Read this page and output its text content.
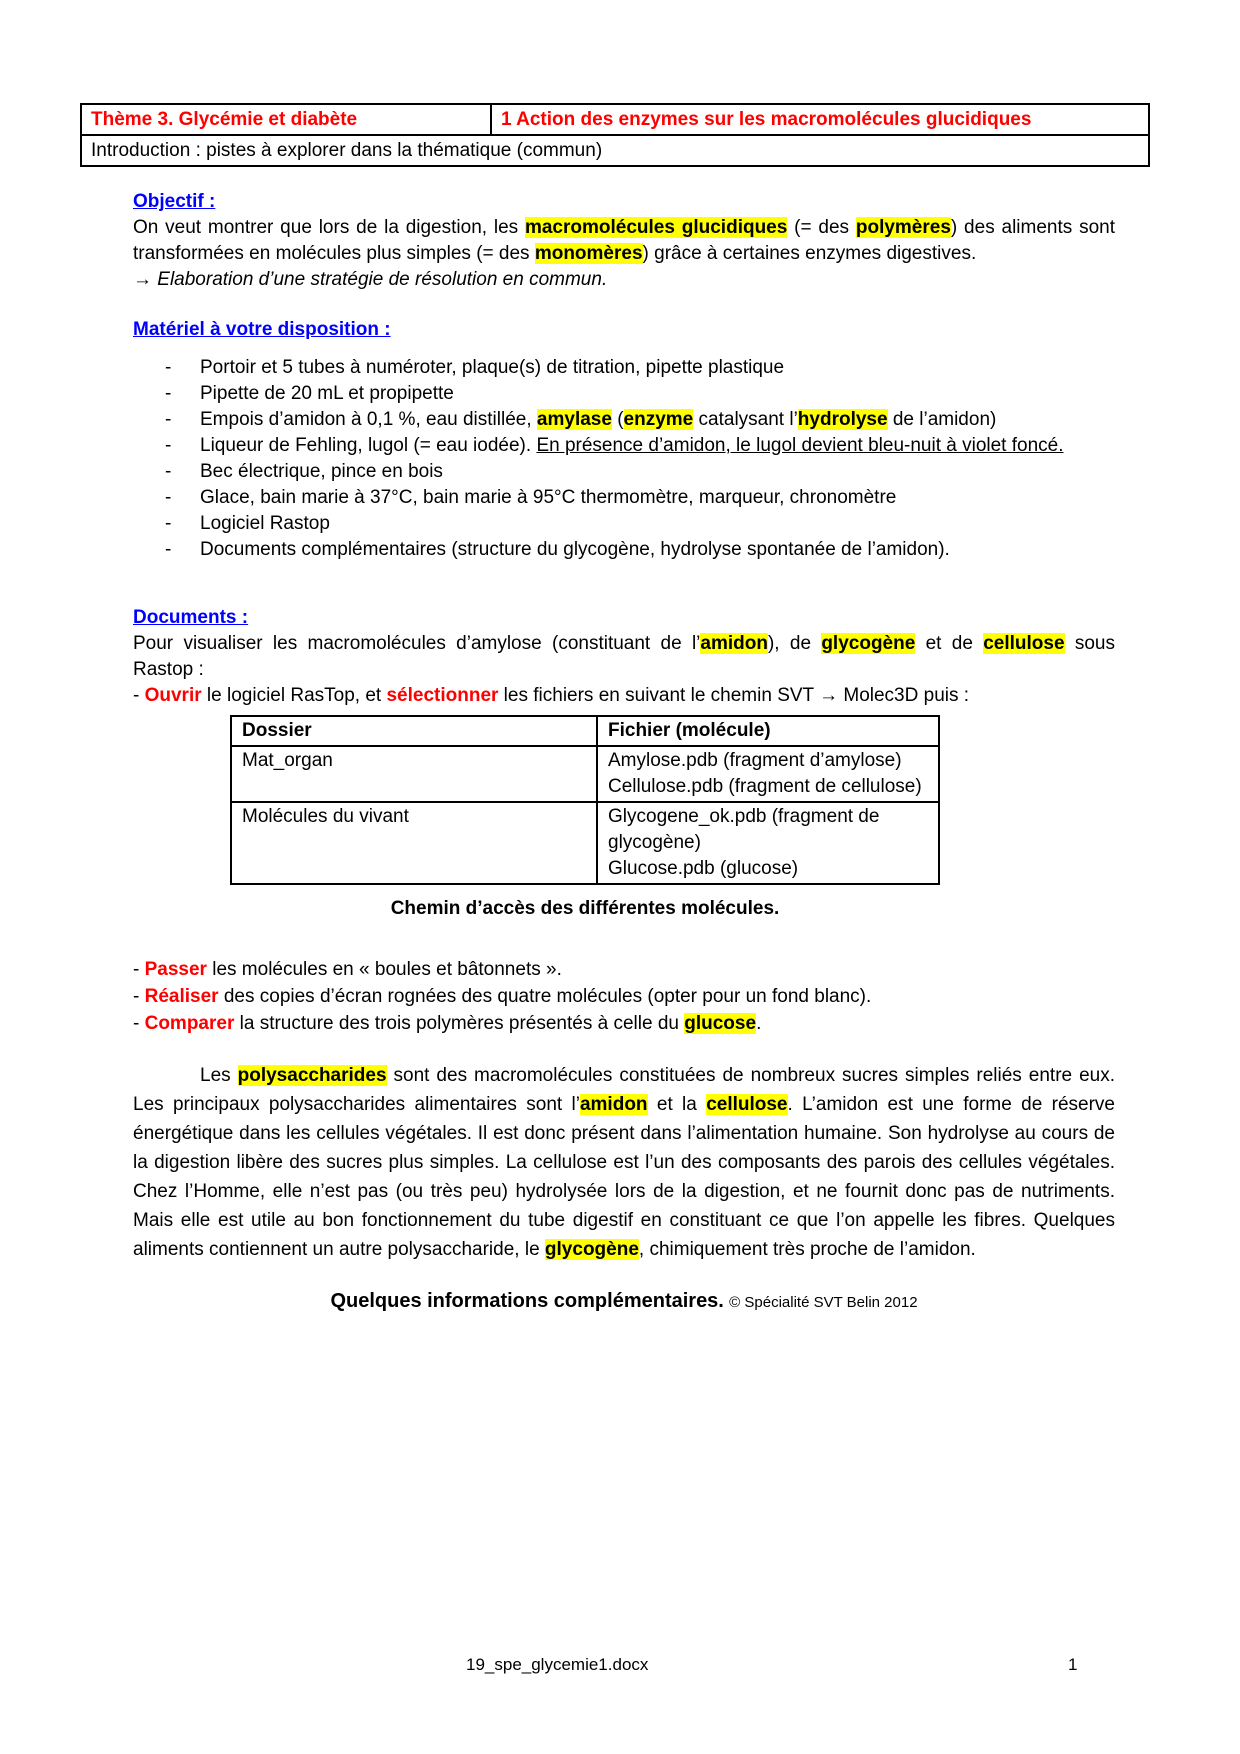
Thème 3. Glycémie et diabète	1 Action des enzymes sur les macromolécules glucidiques
Introduction : pistes à explorer dans la thématique (commun)
Objectif :

On veut montrer que lors de la digestion, les macromolécules glucidiques (= des polymères) des aliments sont transformées en molécules plus simples (= des monomères) grâce à certaines enzymes digestives.

→ Elaboration d’une stratégie de résolution en commun.

Matériel à votre disposition :
-	Portoir et 5 tubes à numéroter, plaque(s) de titration, pipette plastique
-	Pipette de 20 mL et propipette
-	Empois d’amidon à 0,1 %, eau distillée, amylase (enzyme catalysant l’hydrolyse de l’amidon)
-	Liqueur de Fehling, lugol (= eau iodée). En présence d’amidon, le lugol devient bleu-nuit à violet foncé.
-	Bec électrique, pince en bois
-	Glace, bain marie à 37°C, bain marie à 95°C thermomètre, marqueur, chronomètre
-	Logiciel Rastop
-	Documents complémentaires (structure du glycogène, hydrolyse spontanée de l’amidon).
Documents :

Pour visualiser les macromolécules d’amylose (constituant de l’amidon), de glycogène et de cellulose sous Rastop :

- Ouvrir le logiciel RasTop, et sélectionner les fichiers en suivant le chemin SVT → Molec3D puis :

Dossier	Fichier (molécule)
Mat_organ	Amylose.pdb (fragment d’amylose)
Cellulose.pdb (fragment de cellulose)

Molécules du vivant	Glycogene_ok.pdb (fragment de glycogène)
Glucose.pdb (glucose)

Chemin d’accès des différentes molécules.

- Passer les molécules en « boules et bâtonnets ».

- Réaliser des copies d’écran rognées des quatre molécules (opter pour un fond blanc).

- Comparer la structure des trois polymères présentés à celle du glucose.

Les polysaccharides sont des macromolécules constituées de nombreux sucres simples reliés entre eux. Les principaux polysaccharides alimentaires sont l’amidon et la cellulose. L’amidon est une forme de réserve énergétique dans les cellules végétales. Il est donc présent dans l’alimentation humaine. Son hydrolyse au cours de la digestion libère des sucres plus simples. La cellulose est l’un des composants des parois des cellules végétales. Chez l’Homme, elle n’est pas (ou très peu) hydrolysée lors de la digestion, et ne fournit donc pas de nutriments. Mais elle est utile au bon fonctionnement du tube digestif en constituant ce que l’on appelle les fibres. Quelques aliments contiennent un autre polysaccharide, le glycogène, chimiquement très proche de l’amidon.

Quelques informations complémentaires. © Spécialité SVT Belin 2012

19_spe_glycemie1.docx	1
